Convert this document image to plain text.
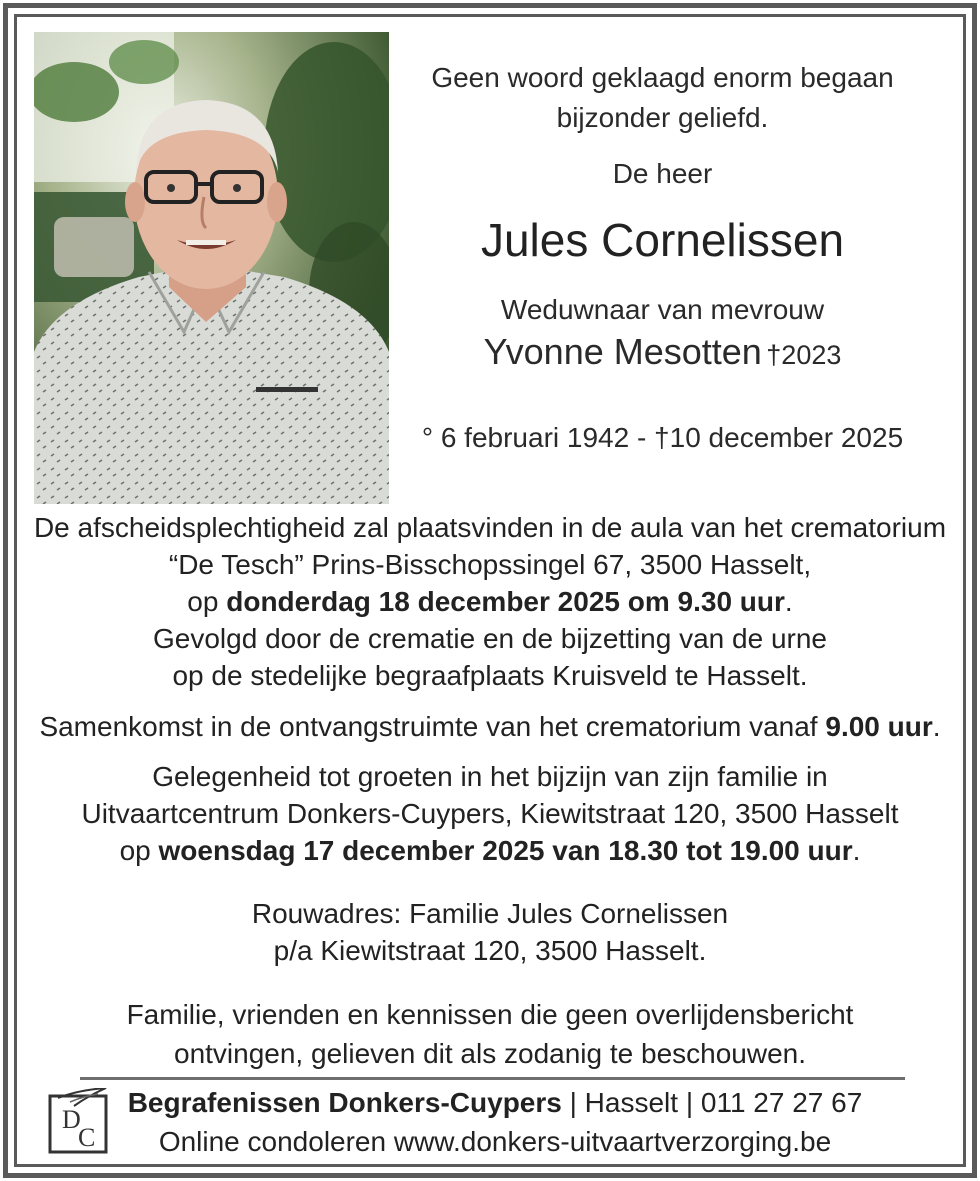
Geen woord geklaagd enorm begaan
bijzonder geliefd.
De heer
Jules Cornelissen
Weduwnaar van mevrouw
Yvonne Mesotten †2023
° 6 februari 1942 - †10 december 2025
De afscheidsplechtigheid zal plaatsvinden in de aula van het crematorium
“De Tesch” Prins-Bisschopssingel 67, 3500 Hasselt,
op donderdag 18 december 2025 om 9.30 uur.
Gevolgd door de crematie en de bijzetting van de urne
op de stedelijke begraafplaats Kruisveld te Hasselt.
Samenkomst in de ontvangstruimte van het crematorium vanaf 9.00 uur.
Gelegenheid tot groeten in het bijzijn van zijn familie in
Uitvaartcentrum Donkers-Cuypers, Kiewitstraat 120, 3500 Hasselt
op woensdag 17 december 2025 van 18.30 tot 19.00 uur.
Rouwadres: Familie Jules Cornelissen
p/a Kiewitstraat 120, 3500 Hasselt.
Familie, vrienden en kennissen die geen overlijdensbericht
ontvingen, gelieven dit als zodanig te beschouwen.
D
C
Begrafenissen Donkers-Cuypers | Hasselt | 011 27 27 67
Online condoleren www.donkers-uitvaartverzorging.be
